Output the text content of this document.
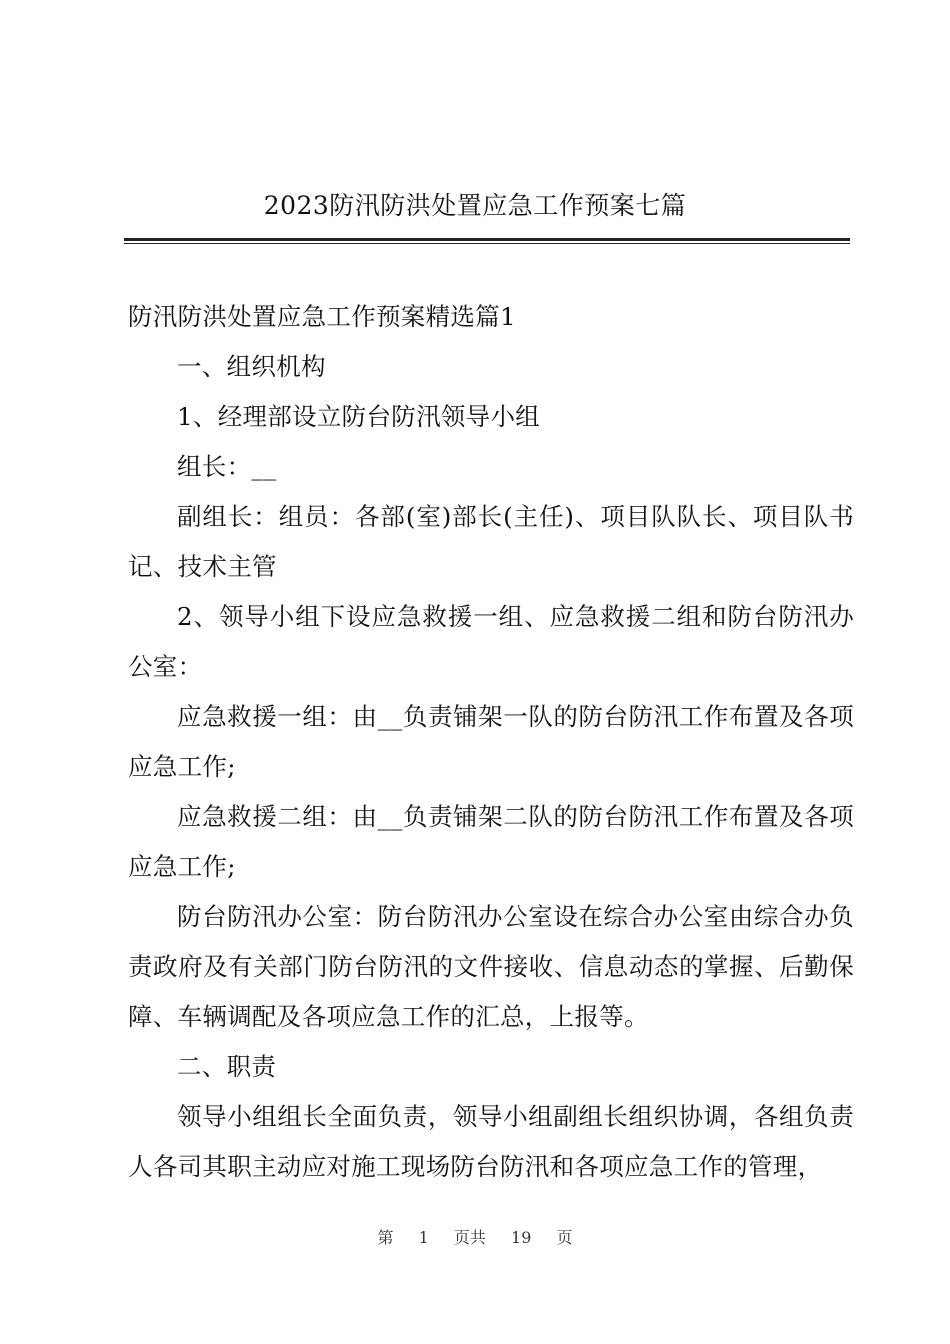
2023防汛防洪处置应急工作预案七篇

防汛防洪处置应急工作预案精选篇1

一、组织机构

1、经理部设立防台防汛领导小组

组长：__

副组长：组员：各部(室)部长(主任)、项目队队长、项目队书记、技术主管

2、领导小组下设应急救援一组、应急救援二组和防台防汛办公室：

应急救援一组：由__负责铺架一队的防台防汛工作布置及各项应急工作;

应急救援二组：由__负责铺架二队的防台防汛工作布置及各项应急工作;

防台防汛办公室：防台防汛办公室设在综合办公室由综合办负责政府及有关部门防台防汛的文件接收、信息动态的掌握、后勤保障、车辆调配及各项应急工作的汇总，上报等。

二、职责

领导小组组长全面负责，领导小组副组长组织协调，各组负责人各司其职主动应对施工现场防台防汛和各项应急工作的管理，

第 1 页共 19 页
